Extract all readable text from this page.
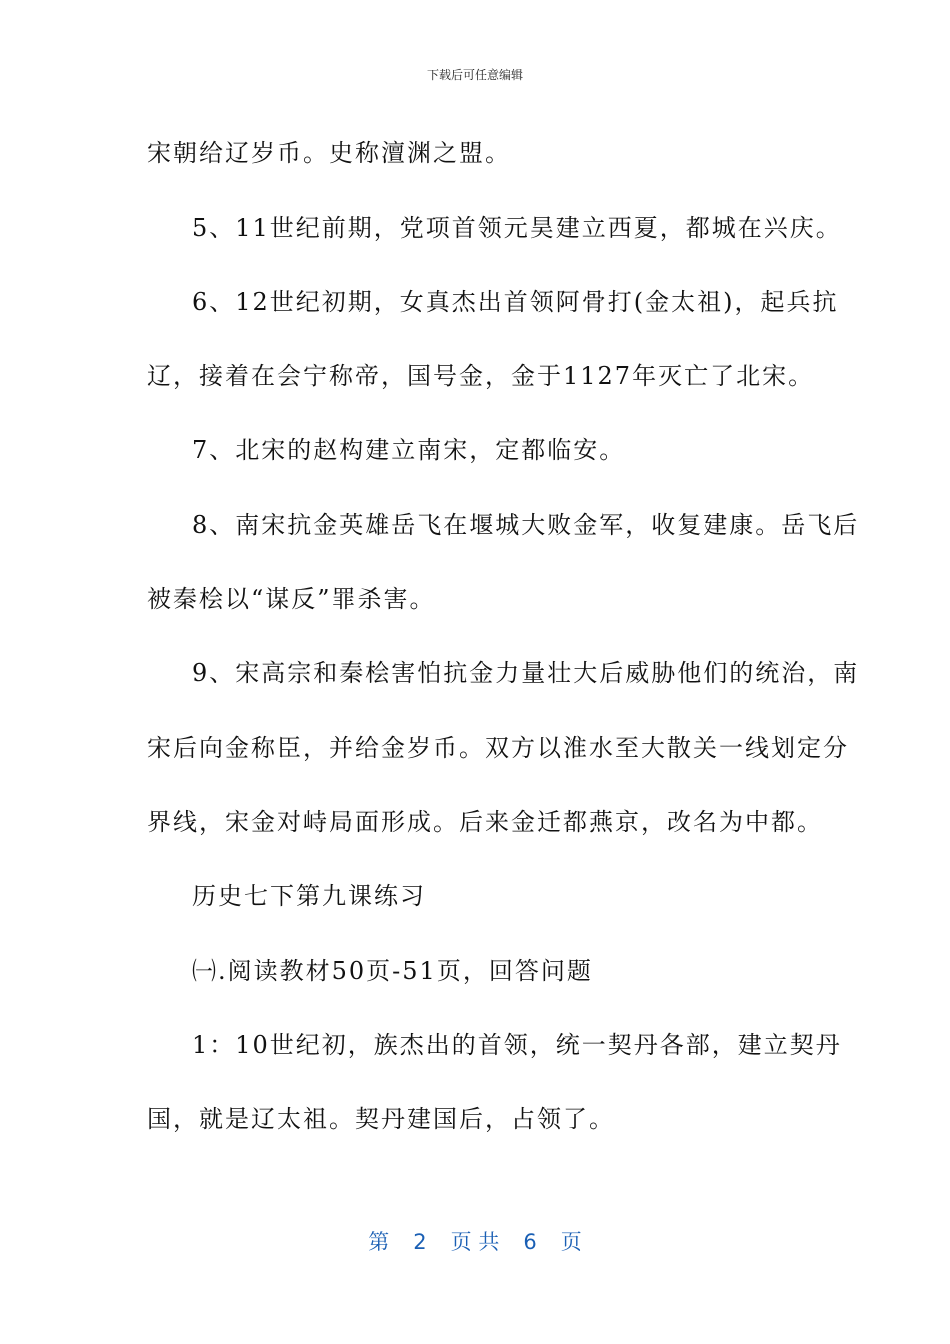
下载后可任意编辑
宋朝给辽岁币。史称澶渊之盟。
5、11世纪前期，党项首领元昊建立西夏，都城在兴庆。
6、12世纪初期，女真杰出首领阿骨打(金太祖)，起兵抗
辽，接着在会宁称帝，国号金，金于1127年灭亡了北宋。
7、北宋的赵构建立南宋，定都临安。
8、南宋抗金英雄岳飞在堰城大败金军，收复建康。岳飞后
被秦桧以“谋反”罪杀害。
9、宋高宗和秦桧害怕抗金力量壮大后威胁他们的统治，南
宋后向金称臣，并给金岁币。双方以淮水至大散关一线划定分
界线，宋金对峙局面形成。后来金迁都燕京，改名为中都。
历史七下第九课练习
㈠.阅读教材50页-51页，回答问题
1：10世纪初，族杰出的首领，统一契丹各部，建立契丹
国，就是辽太祖。契丹建国后，占领了。
第 2 页 共 6 页
